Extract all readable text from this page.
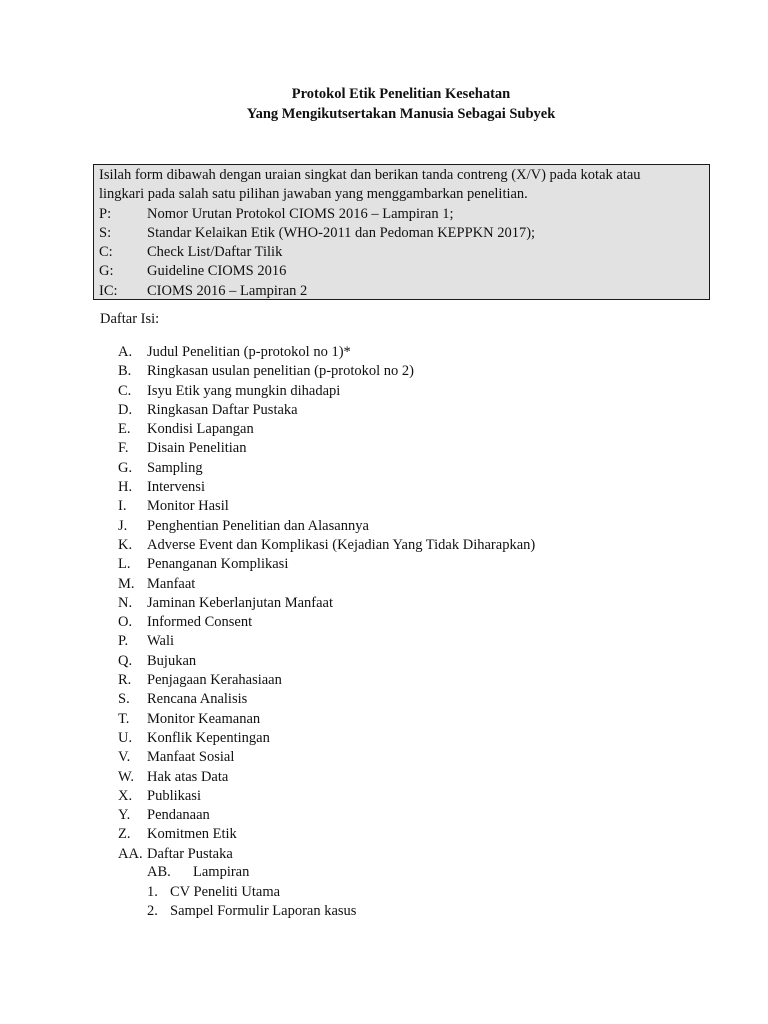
Protokol Etik Penelitian Kesehatan
Yang Mengikutsertakan Manusia Sebagai Subyek
Isilah form dibawah dengan uraian singkat dan berikan tanda contreng (X/V) pada kotak atau
lingkari pada salah satu pilihan jawaban yang menggambarkan penelitian.
P:	Nomor Urutan Protokol CIOMS 2016 – Lampiran 1;
S:	Standar Kelaikan Etik (WHO-2011 dan Pedoman KEPPKN 2017);
C:	Check List/Daftar Tilik
G:	Guideline CIOMS 2016
IC:	CIOMS 2016 – Lampiran 2
Daftar Isi:
A.	Judul Penelitian (p-protokol no 1)*
B.	Ringkasan usulan penelitian (p-protokol no 2)
C.	Isyu Etik yang mungkin dihadapi
D.	Ringkasan Daftar Pustaka
E.	Kondisi Lapangan
F.	Disain Penelitian
G.	Sampling
H.	Intervensi
I.	Monitor Hasil
J.	Penghentian Penelitian dan Alasannya
K.	Adverse Event dan Komplikasi (Kejadian Yang Tidak Diharapkan)
L.	Penanganan Komplikasi
M. Manfaat
N.	Jaminan Keberlanjutan Manfaat
O.	Informed Consent
P.	Wali
Q.	Bujukan
R.	Penjagaan Kerahasiaan
S.	Rencana Analisis
T.	Monitor Keamanan
U.	Konflik Kepentingan
V.	Manfaat Sosial
W. Hak atas Data
X.	Publikasi
Y.	Pendanaan
Z.	Komitmen Etik
AA. Daftar Pustaka
AB.	Lampiran
1. CV Peneliti Utama
2. Sampel Formulir Laporan kasus
